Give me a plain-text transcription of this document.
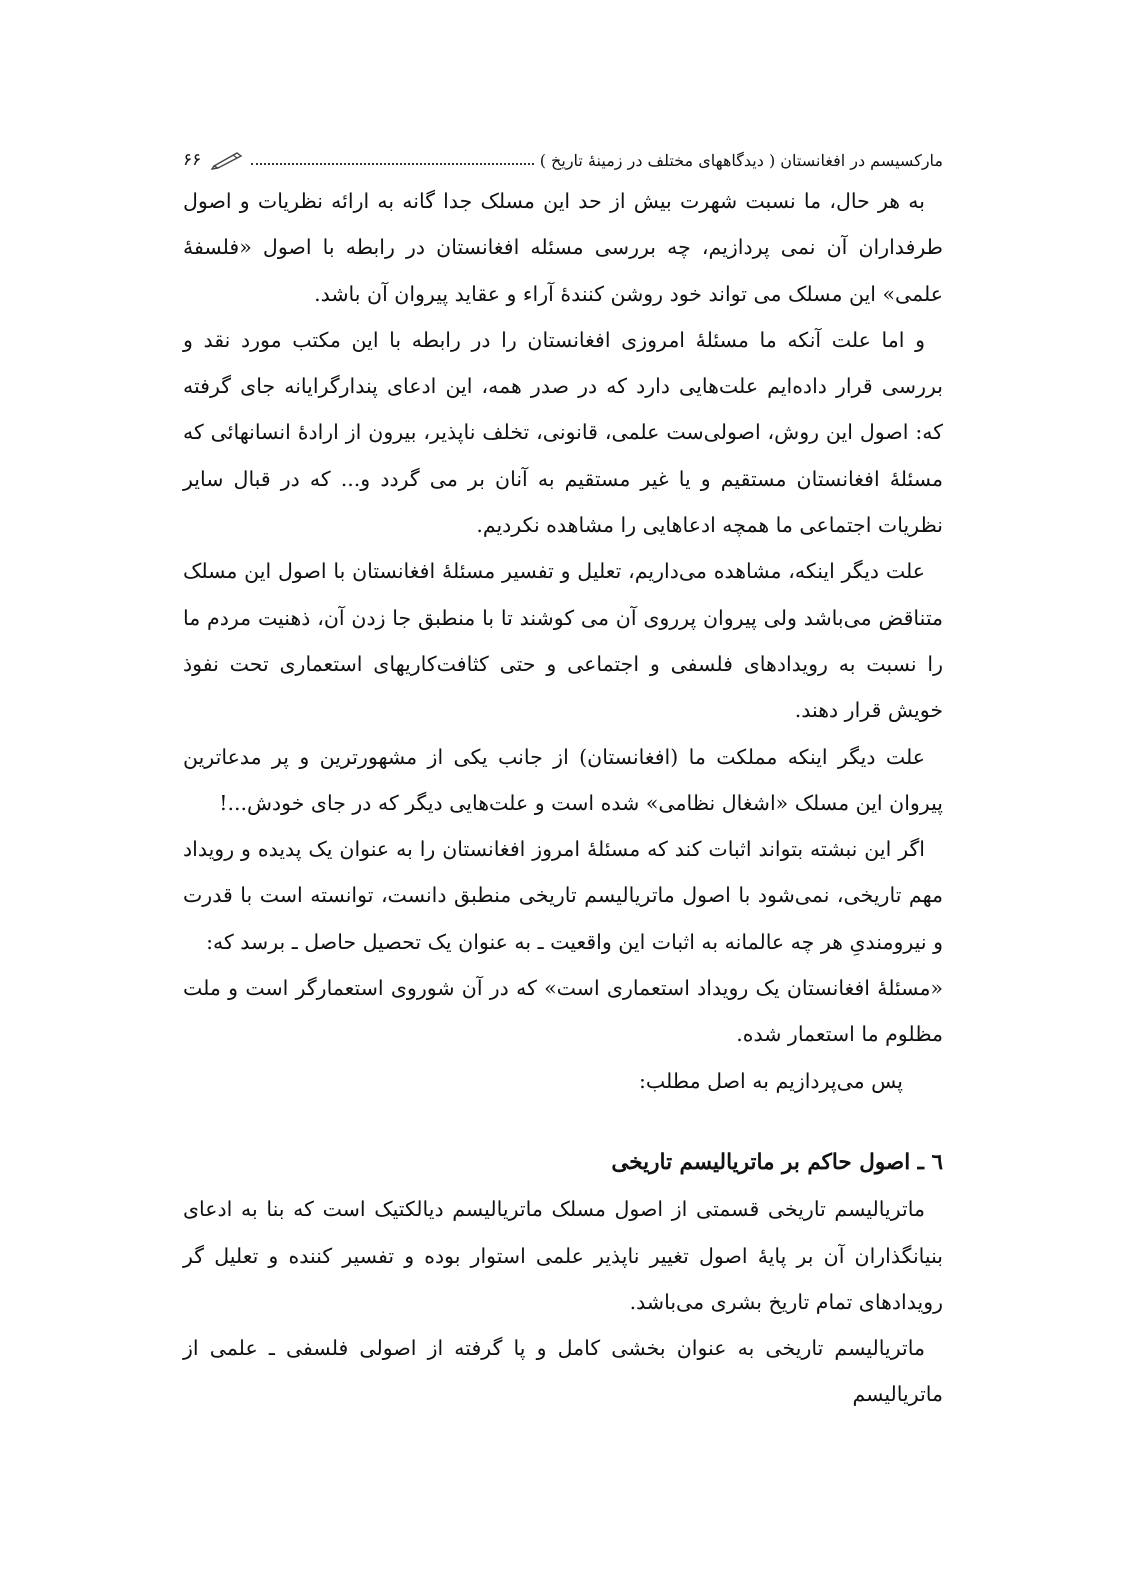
مارکسیسم در افغانستان ( دیدگاههای مختلف در زمینهٔ تاریخ )
۶۶

به هر حال، ما نسبت شهرت بیش از حد این مسلک جدا گانه به ارائه نظریات و اصول طرفداران آن نمی پردازیم، چه بررسی مسئله افغانستان در رابطه با اصول «فلسفهٔ علمی» این مسلک می تواند خود روشن کنندهٔ آراء و عقاید پیروان آن باشد.

و اما علت آنکه ما مسئلهٔ امروزی افغانستان را در رابطه با این مکتب مورد نقد و بررسی قرار داده‌ایم علت‌هایی دارد که در صدر همه، این ادعای پندارگرایانه جای گرفته که: اصول این روش، اصولی‌ست علمی، قانونی، تخلف ناپذیر، بیرون از ارادهٔ انسانهائی که مسئلهٔ افغانستان مستقیم و یا غیر مستقیم به آنان بر می گردد و... که در قبال سایر نظریات اجتماعی ما همچه ادعاهایی را مشاهده نکردیم.

علت دیگر اینکه، مشاهده می‌داریم، تعلیل و تفسیر مسئلهٔ افغانستان با اصول این مسلک متناقض می‌باشد ولی پیروان پرروی آن می کوشند تا با منطبق جا زدن آن، ذهنیت مردم ما را نسبت به رویدادهای فلسفی و اجتماعی و حتی کثافت‌کاریهای استعماری تحت نفوذ خویش قرار دهند.

علت دیگر اینکه مملکت ما (افغانستان) از جانب یکی از مشهورترین و پر مدعاترین پیروان این مسلک «اشغال نظامی» شده است و علت‌هایی دیگر که در جای خودش...!

اگر این نبشته بتواند اثبات کند که مسئلهٔ امروز افغانستان را به عنوان یک پدیده و رویداد مهم تاریخی، نمی‌شود با اصول ماتریالیسم تاریخی منطبق دانست، توانسته است با قدرت و نیرومندیِ هر چه عالمانه به اثبات این واقعیت ـ به عنوان یک تحصیل حاصل ـ برسد که:

«مسئلهٔ افغانستان یک رویداد استعماری است» که در آن شوروی استعمارگر است و ملت مظلوم ما استعمار شده.

پس می‌پردازیم به اصل مطلب:

٦ ـ اصول حاکم بر ماتریالیسم تاریخی

ماتریالیسم تاریخی قسمتی از اصول مسلک ماتریالیسم دیالکتیک است که بنا به ادعای بنیانگذاران آن بر پایهٔ اصول تغییر ناپذیر علمی استوار بوده و تفسیر کننده و تعلیل گر رویدادهای تمام تاریخ بشری می‌باشد.

ماتریالیسم تاریخی به عنوان بخشی کامل و پا گرفته از اصولی فلسفی ـ علمی از ماتریالیسم
